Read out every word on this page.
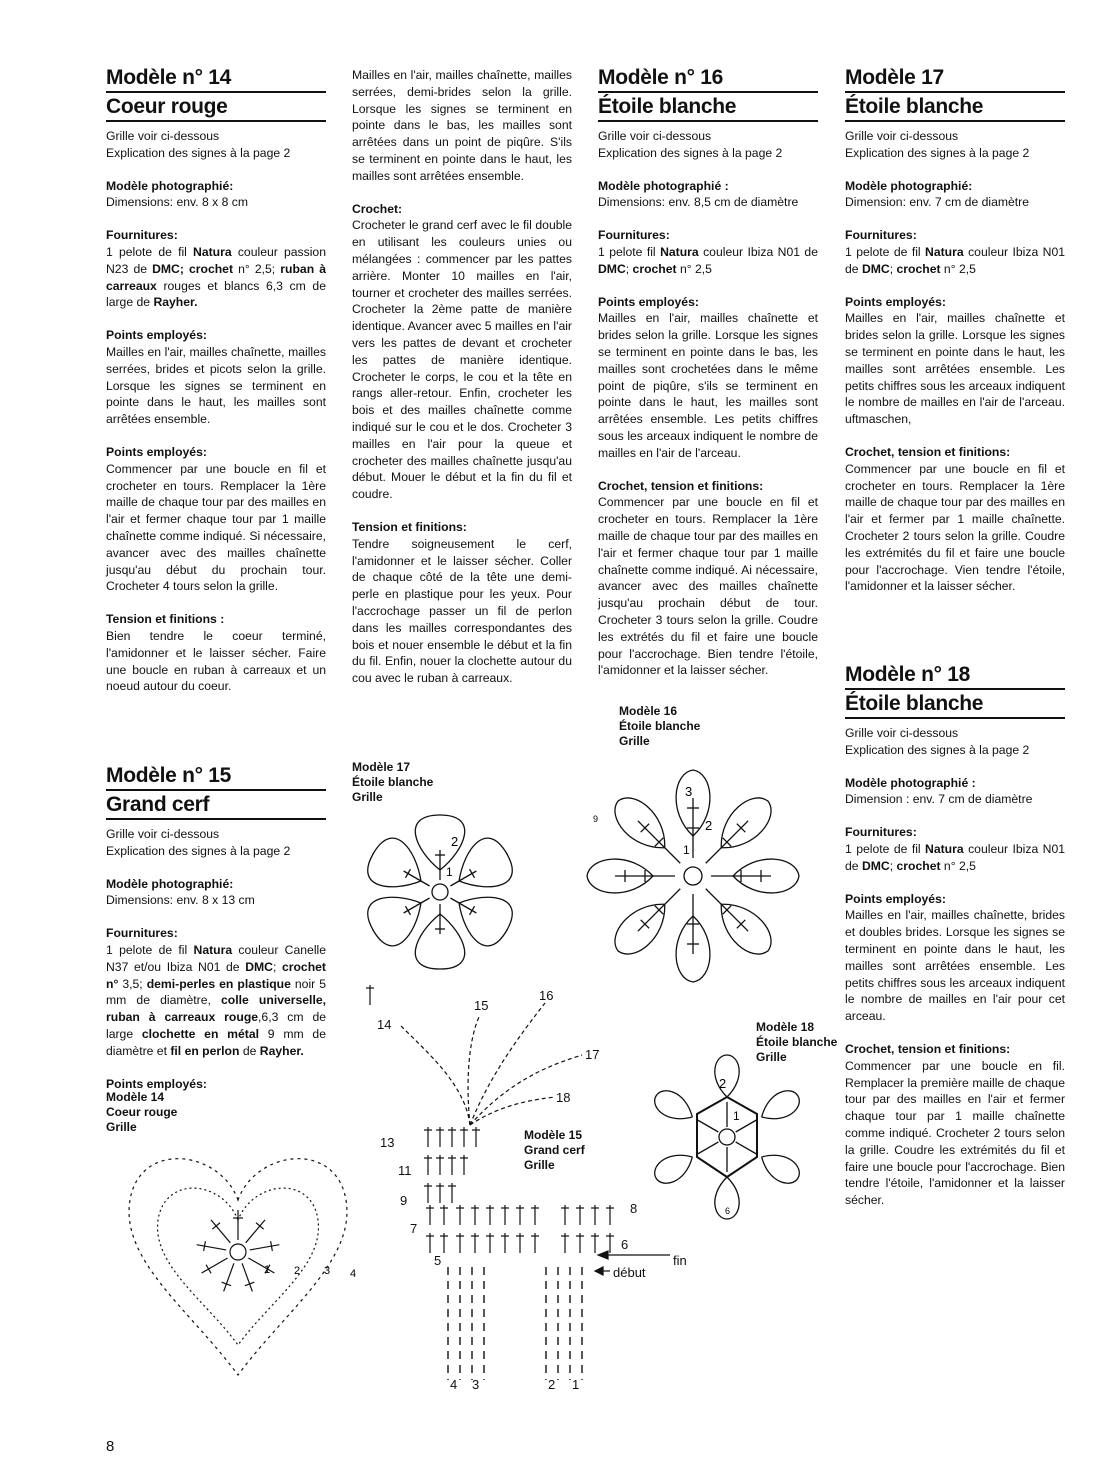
Modèle n° 14
Coeur rouge

Grille voir ci-dessous
Explication des signes à la page 2

Modèle photographié:
Dimensions: env. 8 x 8 cm

Fournitures:
1 pelote de fil Natura couleur passion N23 de DMC; crochet n° 2,5; ruban à carreaux rouges et blancs 6,3 cm de large de Rayher.

Points employés:
Mailles en l'air, mailles chaînette, mailles serrées, brides et picots selon la grille. Lorsque les signes se terminent en pointe dans le haut, les mailles sont arrêtées ensemble.

Points employés:
Commencer par une boucle en fil et crocheter en tours. Remplacer la 1ère maille de chaque tour par des mailles en l'air et fermer chaque tour par 1 maille chaînette comme indiqué. Si nécessaire, avancer avec des mailles chaînette jusqu'au début du prochain tour. Crocheter 4 tours selon la grille.

Tension et finitions :
Bien tendre le coeur terminé, l'amidonner et le laisser sécher. Faire une boucle en ruban à carreaux et un noeud autour du coeur.

Modèle n° 15
Grand cerf

Grille voir ci-dessous
Explication des signes à la page 2

Modèle photographié:
Dimensions: env. 8 x 13 cm

Fournitures:
1 pelote de fil Natura couleur Canelle N37 et/ou Ibiza N01 de DMC; crochet n° 3,5; demi-perles en plastique noir 5 mm de diamètre, colle universelle, ruban à carreaux rouge,6,3 cm de large clochette en métal 9 mm de diamètre et fil en perlon de Rayher.

Points employés:

Modèle 14
Coeur rouge
Grille

Mailles en l'air, mailles chaînette, mailles serrées, demi-brides selon la grille. Lorsque les signes se terminent en pointe dans le bas, les mailles sont arrêtées dans un point de piqûre. S'ils se terminent en pointe dans le haut, les mailles sont arrêtées ensemble.

Crochet:
Crocheter le grand cerf avec le fil double en utilisant les couleurs unies ou mélangées : commencer par les pattes arrière. Monter 10 mailles en l'air, tourner et crocheter des mailles serrées. Crocheter la 2ème patte de manière identique. Avancer avec 5 mailles en l'air vers les pattes de devant et crocheter les pattes de manière identique. Crocheter le corps, le cou et la tête en rangs aller-retour. Enfin, crocheter les bois et des mailles chaînette comme indiqué sur le cou et le dos. Crocheter 3 mailles en l'air pour la queue et crocheter des mailles chaînette jusqu'au début. Mouer le début et la fin du fil et coudre.

Tension et finitions:
Tendre soigneusement le cerf, l'amidonner et le laisser sécher. Coller de chaque côté de la tête une demi-perle en plastique pour les yeux. Pour l'accrochage passer un fil de perlon dans les mailles correspondantes des bois et nouer ensemble le début et la fin du fil. Enfin, nouer la clochette autour du cou avec le ruban à carreaux.

Modèle n° 16
Étoile blanche

Grille voir ci-dessous
Explication des signes à la page 2

Modèle photographié :
Dimensions: env. 8,5 cm de diamètre

Fournitures:
1 pelote fil Natura couleur Ibiza N01 de DMC; crochet n° 2,5

Points employés:
Mailles en l'air, mailles chaînette et brides selon la grille. Lorsque les signes se terminent en pointe dans le bas, les mailles sont crochetées dans le même point de piqûre, s'ils se terminent en pointe dans le haut, les mailles sont arrêtées ensemble. Les petits chiffres sous les arceaux indiquent le nombre de mailles en l'air de l'arceau.

Crochet, tension et finitions:
Commencer par une boucle en fil et crocheter en tours. Remplacer la 1ère maille de chaque tour par des mailles en l'air et fermer chaque tour par 1 maille chaînette comme indiqué. Ai nécessaire, avancer avec des mailles chaînette jusqu'au prochain début de tour. Crocheter 3 tours selon la grille. Coudre les extrétés du fil et faire une boucle pour l'accrochage. Bien tendre l'étoile, l'amidonner et la laisser sécher.

Modèle 17
Étoile blanche

Grille voir ci-dessous
Explication des signes à la page 2

Modèle photographié:
Dimension: env. 7 cm de diamètre

Fournitures:
1 pelote de fil Natura couleur Ibiza N01 de DMC; crochet n° 2,5

Points employés:
Mailles en l'air, mailles chaînette et brides selon la grille. Lorsque les signes se terminent en pointe dans le haut, les mailles sont arrêtées ensemble. Les petits chiffres sous les arceaux indiquent le nombre de mailles en l'air de l'arceau. uftmaschen,

Crochet, tension et finitions:
Commencer par une boucle en fil et crocheter en tours. Remplacer la 1ère maille de chaque tour par des mailles en l'air et fermer par 1 maille chaînette. Crocheter 2 tours selon la grille. Coudre les extrémités du fil et faire une boucle pour l'accrochage. Vien tendre l'étoile, l'amidonner et la laisser sécher.

Modèle n° 18
Étoile blanche

Grille voir ci-dessous
Explication des signes à la page 2

Modèle photographié :
Dimension : env. 7 cm de diamètre

Fournitures:
1 pelote de fil Natura couleur Ibiza N01 de DMC; crochet n° 2,5

Points employés:
Mailles en l'air, mailles chaînette, brides et doubles brides. Lorsque les signes se terminent en pointe dans le haut, les mailles sont arrêtées ensemble. Les petits chiffres sous les arceaux indiquent le nombre de mailles en l'air pour cet arceau.

Crochet, tension et finitions:
Commencer par une boucle en fil. Remplacer la première maille de chaque tour par des mailles en l'air et fermer chaque tour par 1 maille chaînette comme indiqué. Crocheter 2 tours selon la grille. Coudre les extrémités du fil et faire une boucle pour l'accrochage. Bien tendre l'étoile, l'amidonner et la laisser sécher.

Modèle 16
Étoile blanche
Grille
Modèle 17
Étoile blanche
Grille
Modèle 18
Étoile blanche
Grille
Modèle 15
Grand cerf
Grille
2
1
3
2
1
9
2
1
6
1 2 3 4
14
15
16
17
18
13
11
9
7
5
8
6
fin
début
4 3	2 1
8
